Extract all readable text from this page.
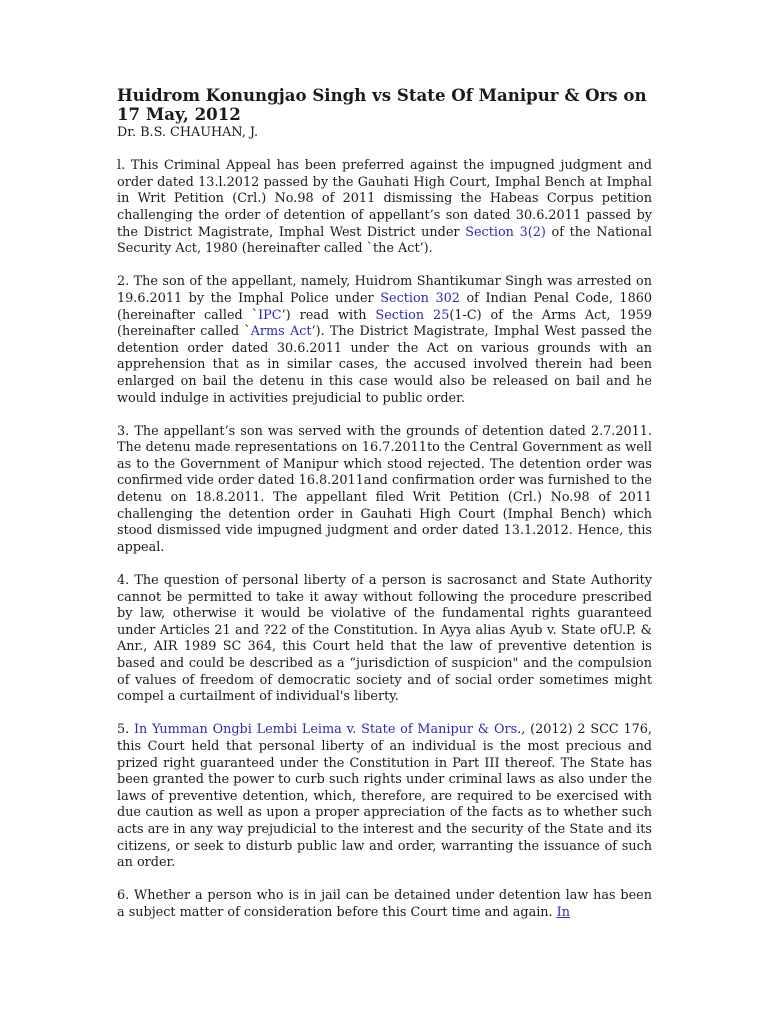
Huidrom Konungjao Singh vs State Of Manipur & Ors on 17 May, 2012
Dr. B.S. CHAUHAN, J.

l. This Criminal Appeal has been preferred against the impugned judgment and order dated 13.l.2012 passed by the Gauhati High Court, Imphal Bench at Imphal in Writ Petition (Crl.) No.98 of 2011 dismissing the Habeas Corpus petition challenging the order of detention of appellant’s son dated 30.6.2011 passed by the District Magistrate, Imphal West District under Section 3(2) of the National Security Act, 1980 (hereinafter called `the Act’).

2. The son of the appellant, namely, Huidrom Shantikumar Singh was arrested on 19.6.2011 by the Imphal Police under Section 302 of Indian Penal Code, 1860 (hereinafter called `IPC’) read with Section 25(1-C) of the Arms Act, 1959 (hereinafter called `Arms Act’). The District Magistrate, Imphal West passed the detention order dated 30.6.2011 under the Act on various grounds with an apprehension that as in similar cases, the accused involved therein had been enlarged on bail the detenu in this case would also be released on bail and he would indulge in activities prejudicial to public order.

3. The appellant’s son was served with the grounds of detention dated 2.7.2011. The detenu made representations on 16.7.2011to the Central Government as well as to the Government of Manipur which stood rejected. The detention order was confirmed vide order dated 16.8.2011and confirmation order was furnished to the detenu on 18.8.2011. The appellant filed Writ Petition (Crl.) No.98 of 2011 challenging the detention order in Gauhati High Court (Imphal Bench) which stood dismissed vide impugned judgment and order dated 13.1.2012. Hence, this appeal.

4. The question of personal liberty of a person is sacrosanct and State Authority cannot be permitted to take it away without following the procedure prescribed by law, otherwise it would be violative of the fundamental rights guaranteed under Articles 21 and ?22 of the Constitution. In Ayya alias Ayub v. State ofU.P. & Anr., AIR 1989 SC 364, this Court held that the law of preventive detention is based and could be described as a “jurisdiction of suspicion" and the compulsion of values of freedom of democratic society and of social order sometimes might compel a curtailment of individual's liberty.

5. In Yumman Ongbi Lembi Leima v. State of Manipur & Ors., (2012) 2 SCC 176, this Court held that personal liberty of an individual is the most precious and prized right guaranteed under the Constitution in Part III thereof. The State has been granted the power to curb such rights under criminal laws as also under the laws of preventive detention, which, therefore, are required to be exercised with due caution as well as upon a proper appreciation of the facts as to whether such acts are in any way prejudicial to the interest and the security of the State and its citizens, or seek to disturb public law and order, warranting the issuance of such an order.

6. Whether a person who is in jail can be detained under detention law has been a subject matter of consideration before this Court time and again. In
